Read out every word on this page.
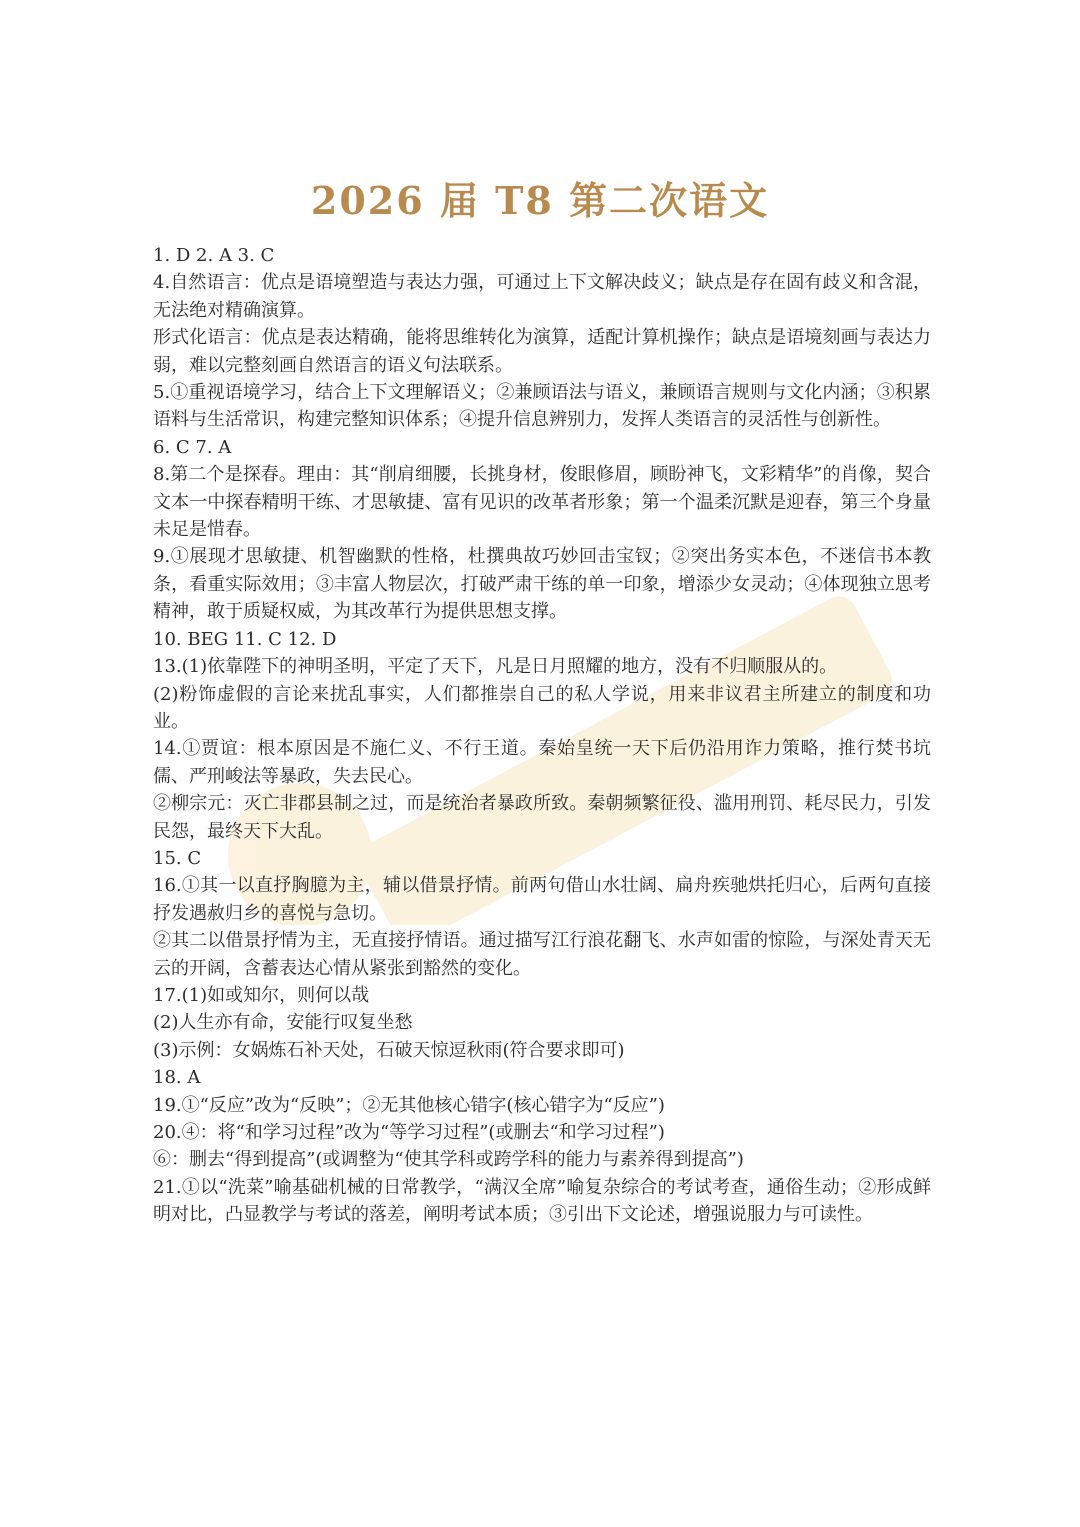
2026 届 T8 第二次语文
1. D 2. A 3. C
4.自然语言：优点是语境塑造与表达力强，可通过上下文解决歧义；缺点是存在固有歧义和含混，无法绝对精确演算。
形式化语言：优点是表达精确，能将思维转化为演算，适配计算机操作；缺点是语境刻画与表达力弱，难以完整刻画自然语言的语义句法联系。
5.①重视语境学习，结合上下文理解语义；②兼顾语法与语义，兼顾语言规则与文化内涵；③积累语料与生活常识，构建完整知识体系；④提升信息辨别力，发挥人类语言的灵活性与创新性。
6. C 7. A
8.第二个是探春。理由：其“削肩细腰，长挑身材，俊眼修眉，顾盼神飞，文彩精华”的肖像，契合文本一中探春精明干练、才思敏捷、富有见识的改革者形象；第一个温柔沉默是迎春，第三个身量未足是惜春。
9.①展现才思敏捷、机智幽默的性格，杜撰典故巧妙回击宝钗；②突出务实本色，不迷信书本教条，看重实际效用；③丰富人物层次，打破严肃干练的单一印象，增添少女灵动；④体现独立思考精神，敢于质疑权威，为其改革行为提供思想支撑。
10. BEG 11. C 12. D
13.(1)依靠陛下的神明圣明，平定了天下，凡是日月照耀的地方，没有不归顺服从的。
(2)粉饰虚假的言论来扰乱事实，人们都推崇自己的私人学说，用来非议君主所建立的制度和功业。
14.①贾谊：根本原因是不施仁义、不行王道。秦始皇统一天下后仍沿用诈力策略，推行焚书坑儒、严刑峻法等暴政，失去民心。
②柳宗元：灭亡非郡县制之过，而是统治者暴政所致。秦朝频繁征役、滥用刑罚、耗尽民力，引发民怨，最终天下大乱。
15. C
16.①其一以直抒胸臆为主，辅以借景抒情。前两句借山水壮阔、扁舟疾驰烘托归心，后两句直接抒发遇赦归乡的喜悦与急切。
②其二以借景抒情为主，无直接抒情语。通过描写江行浪花翻飞、水声如雷的惊险，与深处青天无云的开阔，含蓄表达心情从紧张到豁然的变化。
17.(1)如或知尔，则何以哉
(2)人生亦有命，安能行叹复坐愁
(3)示例：女娲炼石补天处，石破天惊逗秋雨(符合要求即可)
18. A
19.①“反应”改为“反映”；②无其他核心错字(核心错字为“反应”)
20.④：将“和学习过程”改为“等学习过程”(或删去“和学习过程”)
⑥：删去“得到提高”(或调整为“使其学科或跨学科的能力与素养得到提高”)
21.①以“洗菜”喻基础机械的日常教学，“满汉全席”喻复杂综合的考试考查，通俗生动；②形成鲜明对比，凸显教学与考试的落差，阐明考试本质；③引出下文论述，增强说服力与可读性。
